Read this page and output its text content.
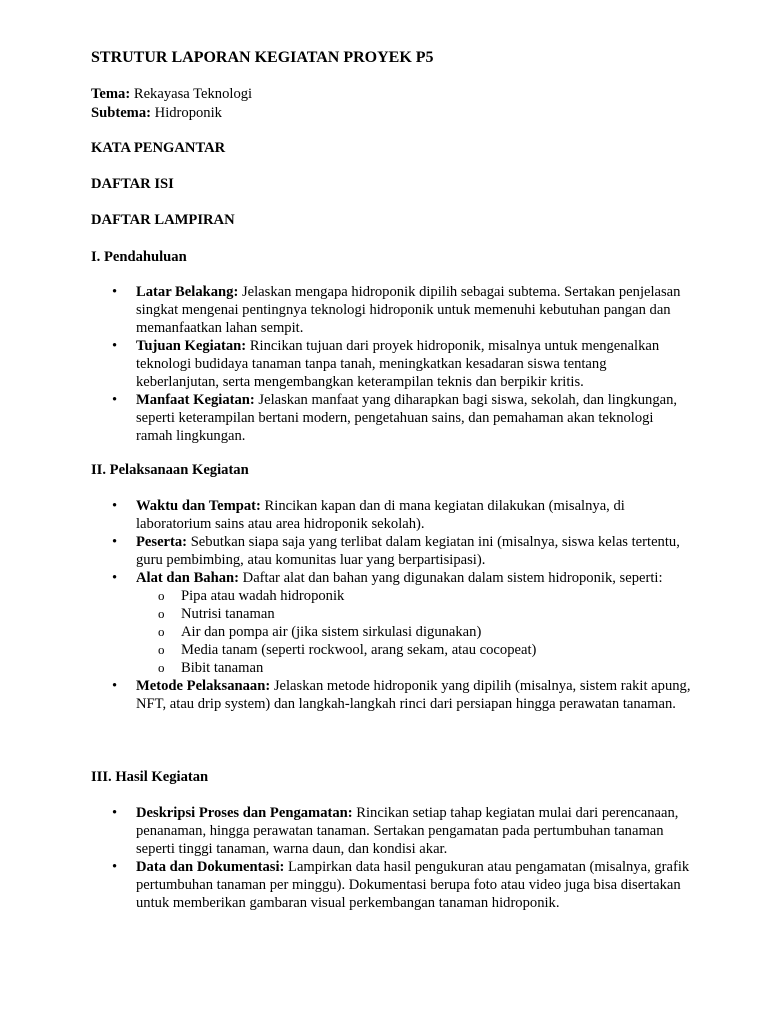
STRUTUR LAPORAN KEGIATAN PROYEK P5
Tema: Rekayasa Teknologi
Subtema: Hidroponik
KATA PENGANTAR
DAFTAR ISI
DAFTAR LAMPIRAN
I. Pendahuluan
• Latar Belakang: Jelaskan mengapa hidroponik dipilih sebagai subtema. Sertakan penjelasan singkat mengenai pentingnya teknologi hidroponik untuk memenuhi kebutuhan pangan dan memanfaatkan lahan sempit.
• Tujuan Kegiatan: Rincikan tujuan dari proyek hidroponik, misalnya untuk mengenalkan teknologi budidaya tanaman tanpa tanah, meningkatkan kesadaran siswa tentang keberlanjutan, serta mengembangkan keterampilan teknis dan berpikir kritis.
• Manfaat Kegiatan: Jelaskan manfaat yang diharapkan bagi siswa, sekolah, dan lingkungan, seperti keterampilan bertani modern, pengetahuan sains, dan pemahaman akan teknologi ramah lingkungan.
II. Pelaksanaan Kegiatan
• Waktu dan Tempat: Rincikan kapan dan di mana kegiatan dilakukan (misalnya, di laboratorium sains atau area hidroponik sekolah).
• Peserta: Sebutkan siapa saja yang terlibat dalam kegiatan ini (misalnya, siswa kelas tertentu, guru pembimbing, atau komunitas luar yang berpartisipasi).
• Alat dan Bahan: Daftar alat dan bahan yang digunakan dalam sistem hidroponik, seperti:
o Pipa atau wadah hidroponik
o Nutrisi tanaman
o Air dan pompa air (jika sistem sirkulasi digunakan)
o Media tanam (seperti rockwool, arang sekam, atau cocopeat)
o Bibit tanaman
• Metode Pelaksanaan: Jelaskan metode hidroponik yang dipilih (misalnya, sistem rakit apung, NFT, atau drip system) dan langkah-langkah rinci dari persiapan hingga perawatan tanaman.
III. Hasil Kegiatan
• Deskripsi Proses dan Pengamatan: Rincikan setiap tahap kegiatan mulai dari perencanaan, penanaman, hingga perawatan tanaman. Sertakan pengamatan pada pertumbuhan tanaman seperti tinggi tanaman, warna daun, dan kondisi akar.
• Data dan Dokumentasi: Lampirkan data hasil pengukuran atau pengamatan (misalnya, grafik pertumbuhan tanaman per minggu). Dokumentasi berupa foto atau video juga bisa disertakan untuk memberikan gambaran visual perkembangan tanaman hidroponik.
